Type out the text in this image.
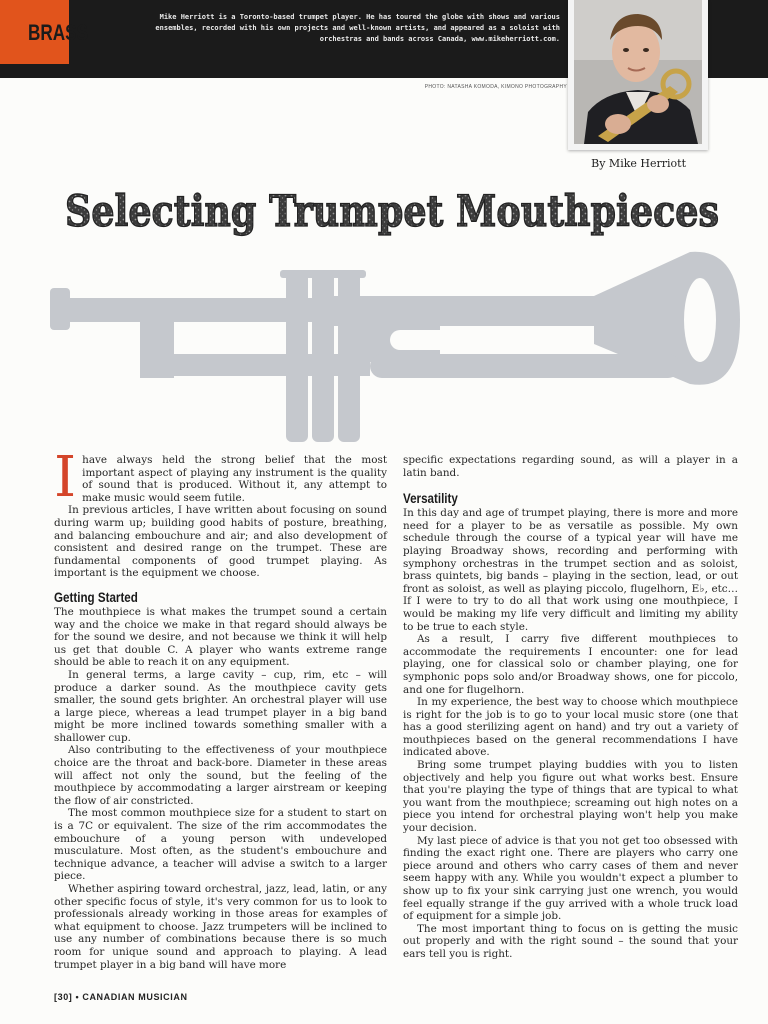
BRASS
Mike Herriott is a Toronto-based trumpet player. He has toured the globe with shows and various ensembles, recorded with his own projects and well-known artists, and appeared as a soloist with orchestras and bands across Canada, www.mikeherriott.com.
PHOTO: NATASHA KOMODA, KIMONO PHOTOGRAPHY
By Mike Herriott
Selecting Trumpet Mouthpieces

Ihave always held the strong belief that the most important aspect of playing any instrument is the quality of sound that is produced. Without it, any attempt to make music would seem futile.

In previous articles, I have written about focusing on sound during warm up; building good habits of posture, breathing, and balancing embouchure and air; and also development of consistent and desired range on the trumpet. These are fundamental components of good trumpet playing. As important is the equipment we choose.

Getting Started

The mouthpiece is what makes the trumpet sound a certain way and the choice we make in that regard should always be for the sound we desire, and not because we think it will help us get that double C. A player who wants extreme range should be able to reach it on any equipment.

In general terms, a large cavity – cup, rim, etc – will produce a darker sound. As the mouthpiece cavity gets smaller, the sound gets brighter. An orchestral player will use a large piece, whereas a lead trumpet player in a big band might be more inclined towards something smaller with a shallower cup.

Also contributing to the effectiveness of your mouthpiece choice are the throat and back-bore. Diameter in these areas will affect not only the sound, but the feeling of the mouthpiece by accommodating a larger airstream or keeping the flow of air constricted.

The most common mouthpiece size for a student to start on is a 7C or equivalent. The size of the rim accommodates the embouchure of a young person with undeveloped musculature. Most often, as the student's embouchure and technique advance, a teacher will advise a switch to a larger piece.

Whether aspiring toward orchestral, jazz, lead, latin, or any other specific focus of style, it's very common for us to look to professionals already working in those areas for examples of what equipment to choose. Jazz trumpeters will be inclined to use any number of combinations because there is so much room for unique sound and approach to playing. A lead trumpet player in a big band will have more

specific expectations regarding sound, as will a player in a latin band.

Versatility

In this day and age of trumpet playing, there is more and more need for a player to be as versatile as possible. My own schedule through the course of a typical year will have me playing Broadway shows, recording and performing with symphony orchestras in the trumpet section and as soloist, brass quintets, big bands – playing in the section, lead, or out front as soloist, as well as playing piccolo, flugelhorn, E♭, etc… If I were to try to do all that work using one mouthpiece, I would be making my life very difficult and limiting my ability to be true to each style.

As a result, I carry five different mouthpieces to accommodate the requirements I encounter: one for lead playing, one for classical solo or chamber playing, one for symphonic pops solo and/or Broadway shows, one for piccolo, and one for flugelhorn.

In my experience, the best way to choose which mouthpiece is right for the job is to go to your local music store (one that has a good sterilizing agent on hand) and try out a variety of mouthpieces based on the general recommendations I have indicated above.

Bring some trumpet playing buddies with you to listen objectively and help you figure out what works best. Ensure that you're playing the type of things that are typical to what you want from the mouthpiece; screaming out high notes on a piece you intend for orchestral playing won't help you make your decision.

My last piece of advice is that you not get too obsessed with finding the exact right one. There are players who carry one piece around and others who carry cases of them and never seem happy with any. While you wouldn't expect a plumber to show up to fix your sink carrying just one wrench, you would feel equally strange if the guy arrived with a whole truck load of equipment for a simple job.

The most important thing to focus on is getting the music out properly and with the right sound – the sound that your ears tell you is right.

[30] • CANADIAN MUSICIAN
